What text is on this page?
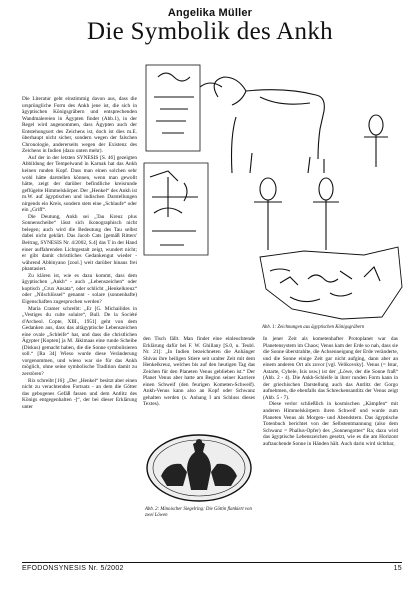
Angelika Müller
Die Symbolik des Ankh

Die Literatur geht einstimmig davon aus, dass die ursprüngliche Form des Ankh jene ist, die sich in ägyptischen Königsgräbern und entsprechenden Wandmalereien in Ägypten findet (Abb.1), in der Regel wird angenommen, dass Ägypten auch der Entstehungsort des Zeichens ist, doch ist dies m.E. überhaupt nicht sicher, sondern wegen der falschen Chronologie, andererseits wegen der Existenz des Zeichens in Indien (dazu unten mehr).

Auf der in der letzten SYNESIS [S. 46] gezeigten Abbildung der Tempelwand in Karnak hat das Ankh keinen runden Kopf. Dass man einen solchen sehr wohl hätte darstellen können, wenn man gewollt hätte, zeigt der darüber befindliche kreisrunde geflügelte Himmelskörper. Der „Henkel“ des Ankh ist m.W. auf ägyptischen und indischen Darstellungen nirgends ein Kreis, sondern stets eine „Schlaufe“ oder ein „Griff“.

Die Deutung, Ankh sei „Tau Kreuz plus Sonnenscheibe“ lässt sich ikonographisch nicht belegen; auch wird die Bedeutung des Tau selbst dabei nicht geklärt. Das Jacob Cats [gemäß Ritters' Beitrag, SYNESIS Nr. 4/2002, S.4] das T in der Hand einer auffahrenden Lichtgestalt zeigt, wundert nicht; er gibt damit christliches Gedankengut wieder - während Abbinyano [zool.] weit darüber hinaus frei phantasiert.

Zu klären ist, wie es dazu kommt, dass dem ägyptischen „Ankh“ - auch „Lebenszeichen“ oder koptisch „Crux Ansata“, oder schlicht „Henkelkreuz“ oder „Nilschlüssel“ genannt - solare (sonnenhafte) Eigenschaften zugesprochen werden?

Maria Cramer schreibt: „Er [G. Michailides in „Vestiges du culte solaire“, Bull. De la Société d'Archeol. Copte, XIII., 1951] geht von dem Gedanken aus, dass das altägyptische Lebenszeichen eine ovale „Schleife“ hat, und dass die christlichen Ägypter [Kopten] ja M. Jäkimaas eine runde Scheibe (Diskus) gemacht haben, die die Sonne symbolisieren soll.“ [Ra 34] Wieso wurde diese Veränderung vorgenommen, und wieso war sie für das Ankh möglich, ohne seine symbolische Tradition damit zu zerstören?

Rix schreibt [16]: „Der „Henkel“ besitzt aber einen nicht zu verachtenden Fortsatz - an dem die Götter das gebogenes Gefäß fassen und dem Antlitz des Königs entgegenhalten -]“, der bei dieser Erklärung unter

Abb. 1: Zeichnungen aus ägyptischen Königsgräbern

den Tisch fällt. Man findet eine einleuchtende Erklärung dafür bei F. W. Ghillany [S.0, u. Teubl. Nr. 21]: „In Indien bezeichneten die Anhänger Shivas ihre heiligen Stiere seit uralter Zeit mit dem Henkelkreuz, welches bis auf den heutigen Tag das Zeichen für den Planeten Venus geblieben ist.“ Der Planet Venus aber hatte am Beginn seiner Karriere einen Schweif (den feurigen Kometen-Schweif). Ankh-Venus kann also an Kopf oder Schwanz gehalten werden (s. Anhang I am Schluss dieses Textes).

Abb. 2: Minoischer Siegelring: Die Göttin flankiert von zwei Löwen

In jener Zeit als kometenhafter Protoplanet war das Planetensystem im Chaos; Venus kam der Erde so nah, dass sie die Sonne überstrahlte, die Achsenneigung der Erde veränderte, und die Sonne einige Zeit gar nicht aufging, dann aber an einem anderen Ort als zuvor [vgl. Velikovsky]. Venus (= Istar, Astarte, Cybele, Isis usw.) ist der „Löwe, der die Sonne fraß“ (Abb. 2 - 4). Die Ankh-Schleife in ihrer runden Form kann in der griechischen Darstellung auch das Antlitz der Gorgo aufnehmen, die ebenfalls das Schreckensantlitz der Venus zeigt (Abb. 5 - 7).

Diese verlor schließlich in kosmischen „Kämpfen“ mit anderen Himmelskörpern ihren Schweif und wurde zum Planeten Venus als Morgen- und Abendstern. Das ägyptische Totenbuch berichtet von der Selbstentmannung (also dem Schwanz = Phallus-Opfer) des „Sonnengottes“ Ra; dazu wird das ägyptische Lebenszeichen gesetzt, wie es die am Horizont auftauchende Sonne in Händen hält. Auch darin wird sichtbar,

EFODONSYNESIS Nr. 5/2002	15
